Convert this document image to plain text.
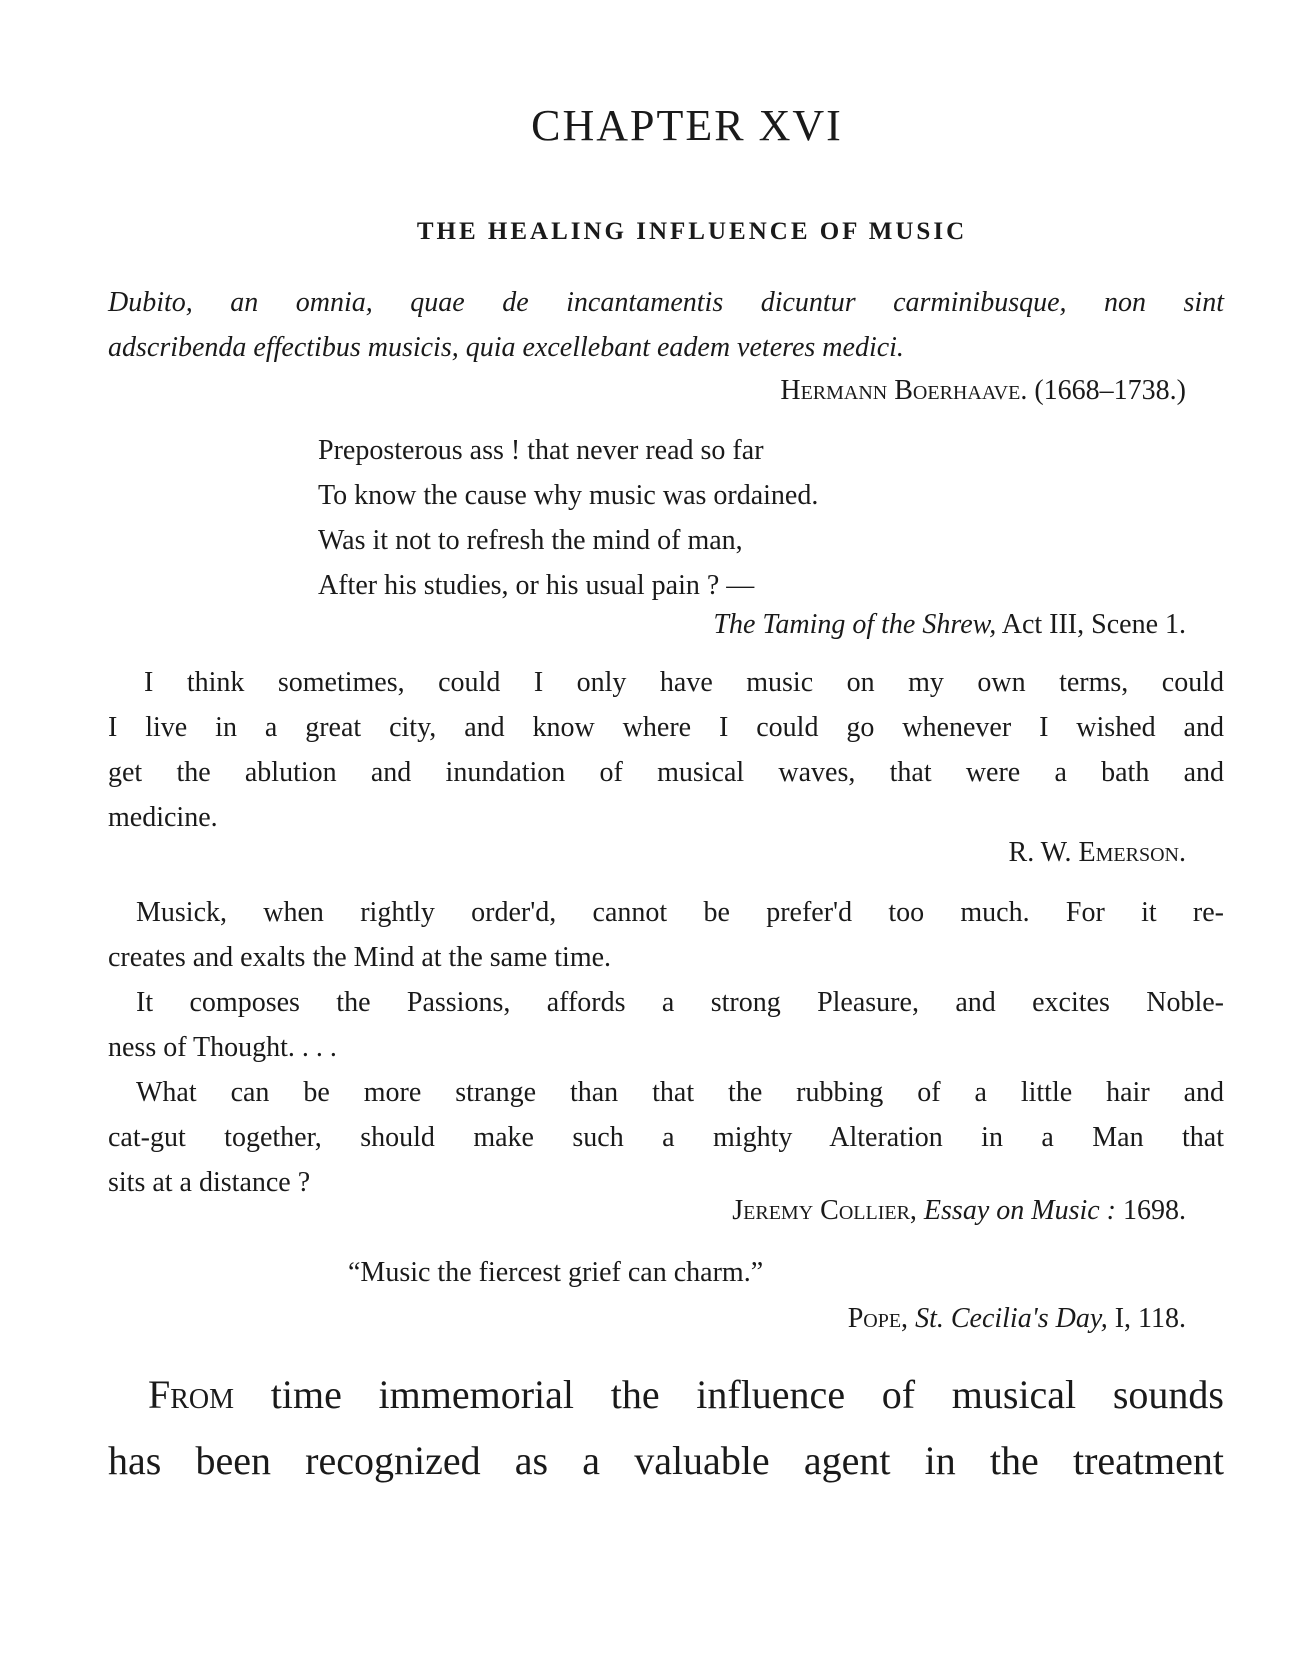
CHAPTER XVI
THE HEALING INFLUENCE OF MUSIC
Dubito, an omnia, quae de incantamentis dicuntur carminibusque, non sint
adscribenda effectibus musicis, quia excellebant eadem veteres medici.
Hermann Boerhaave. (1668–1738.)
Preposterous ass ! that never read so far
To know the cause why music was ordained.
Was it not to refresh the mind of man,
After his studies, or his usual pain ? —
The Taming of the Shrew, Act III, Scene 1.
I think sometimes, could I only have music on my own terms, could
I live in a great city, and know where I could go whenever I wished and
get the ablution and inundation of musical waves, that were a bath and
medicine.
R. W. Emerson.
Musick, when rightly order'd, cannot be prefer'd too much. For it re-
creates and exalts the Mind at the same time.
It composes the Passions, affords a strong Pleasure, and excites Noble-
ness of Thought. . . .
What can be more strange than that the rubbing of a little hair and
cat-gut together, should make such a mighty Alteration in a Man that
sits at a distance ?
Jeremy Collier, Essay on Music : 1698.
“Music the fiercest grief can charm.”
Pope, St. Cecilia's Day, I, 118.
From time immemorial the influence of musical sounds
has been recognized as a valuable agent in the treatment
